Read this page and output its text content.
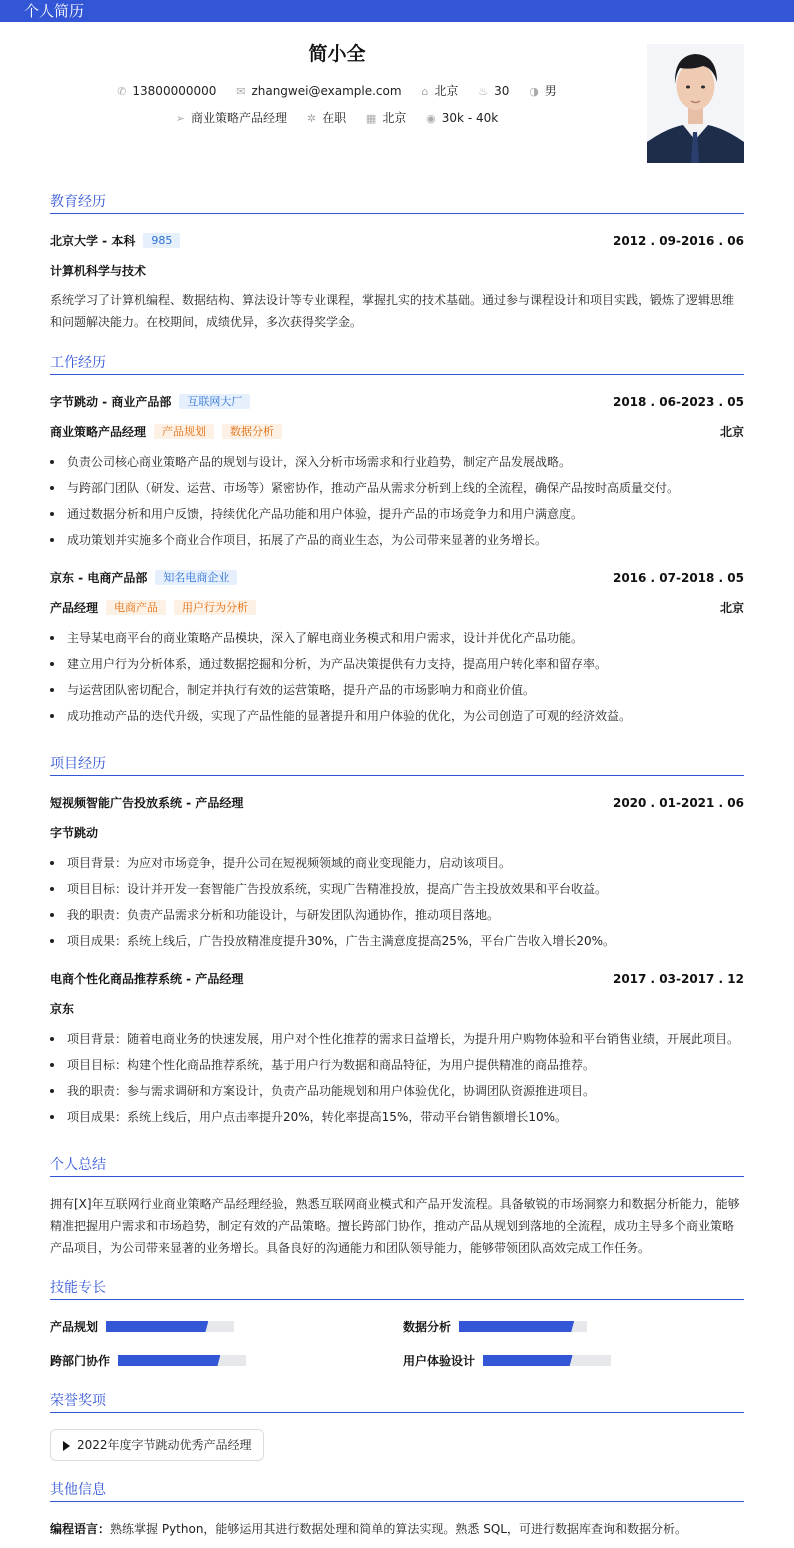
个人简历
简小全
✆ 13800000000 ✉ zhangwei@example.com ⌂ 北京 ♨ 30 ◑ 男
➢ 商业策略产品经理 ✲ 在职 ▦ 北京 ◉ 30k - 40k
教育经历
北京大学 - 本科 985	2012 . 09-2016 . 06
计算机科学与技术
系统学习了计算机编程、数据结构、算法设计等专业课程，掌握扎实的技术基础。通过参与课程设计和项目实践，锻炼了逻辑思维和问题解决能力。在校期间，成绩优异，多次获得奖学金。
工作经历
字节跳动 - 商业产品部 互联网大厂	2018 . 06-2023 . 05
商业策略产品经理 产品规划 数据分析	北京
负责公司核心商业策略产品的规划与设计，深入分析市场需求和行业趋势，制定产品发展战略。
与跨部门团队（研发、运营、市场等）紧密协作，推动产品从需求分析到上线的全流程，确保产品按时高质量交付。
通过数据分析和用户反馈，持续优化产品功能和用户体验，提升产品的市场竞争力和用户满意度。
成功策划并实施多个商业合作项目，拓展了产品的商业生态，为公司带来显著的业务增长。
京东 - 电商产品部 知名电商企业	2016 . 07-2018 . 05
产品经理 电商产品 用户行为分析	北京
主导某电商平台的商业策略产品模块，深入了解电商业务模式和用户需求，设计并优化产品功能。
建立用户行为分析体系，通过数据挖掘和分析，为产品决策提供有力支持，提高用户转化率和留存率。
与运营团队密切配合，制定并执行有效的运营策略，提升产品的市场影响力和商业价值。
成功推动产品的迭代升级，实现了产品性能的显著提升和用户体验的优化，为公司创造了可观的经济效益。
项目经历
短视频智能广告投放系统 - 产品经理	2020 . 01-2021 . 06
字节跳动
项目背景：为应对市场竞争，提升公司在短视频领域的商业变现能力，启动该项目。
项目目标：设计并开发一套智能广告投放系统，实现广告精准投放，提高广告主投放效果和平台收益。
我的职责：负责产品需求分析和功能设计，与研发团队沟通协作，推动项目落地。
项目成果：系统上线后，广告投放精准度提升30%，广告主满意度提高25%，平台广告收入增长20%。
电商个性化商品推荐系统 - 产品经理	2017 . 03-2017 . 12
京东
项目背景：随着电商业务的快速发展，用户对个性化推荐的需求日益增长，为提升用户购物体验和平台销售业绩，开展此项目。
项目目标：构建个性化商品推荐系统，基于用户行为数据和商品特征，为用户提供精准的商品推荐。
我的职责：参与需求调研和方案设计，负责产品功能规划和用户体验优化，协调团队资源推进项目。
项目成果：系统上线后，用户点击率提升20%，转化率提高15%，带动平台销售额增长10%。
个人总结
拥有[X]年互联网行业商业策略产品经理经验，熟悉互联网商业模式和产品开发流程。具备敏锐的市场洞察力和数据分析能力，能够
精准把握用户需求和市场趋势，制定有效的产品策略。擅长跨部门协作，推动产品从规划到落地的全流程，成功主导多个商业策略
产品项目，为公司带来显著的业务增长。具备良好的沟通能力和团队领导能力，能够带领团队高效完成工作任务。
技能专长
产品规划	数据分析
跨部门协作	用户体验设计
荣誉奖项
2022年度字节跳动优秀产品经理
其他信息
编程语言：熟练掌握 Python，能够运用其进行数据处理和简单的算法实现。熟悉 SQL，可进行数据库查询和数据分析。
